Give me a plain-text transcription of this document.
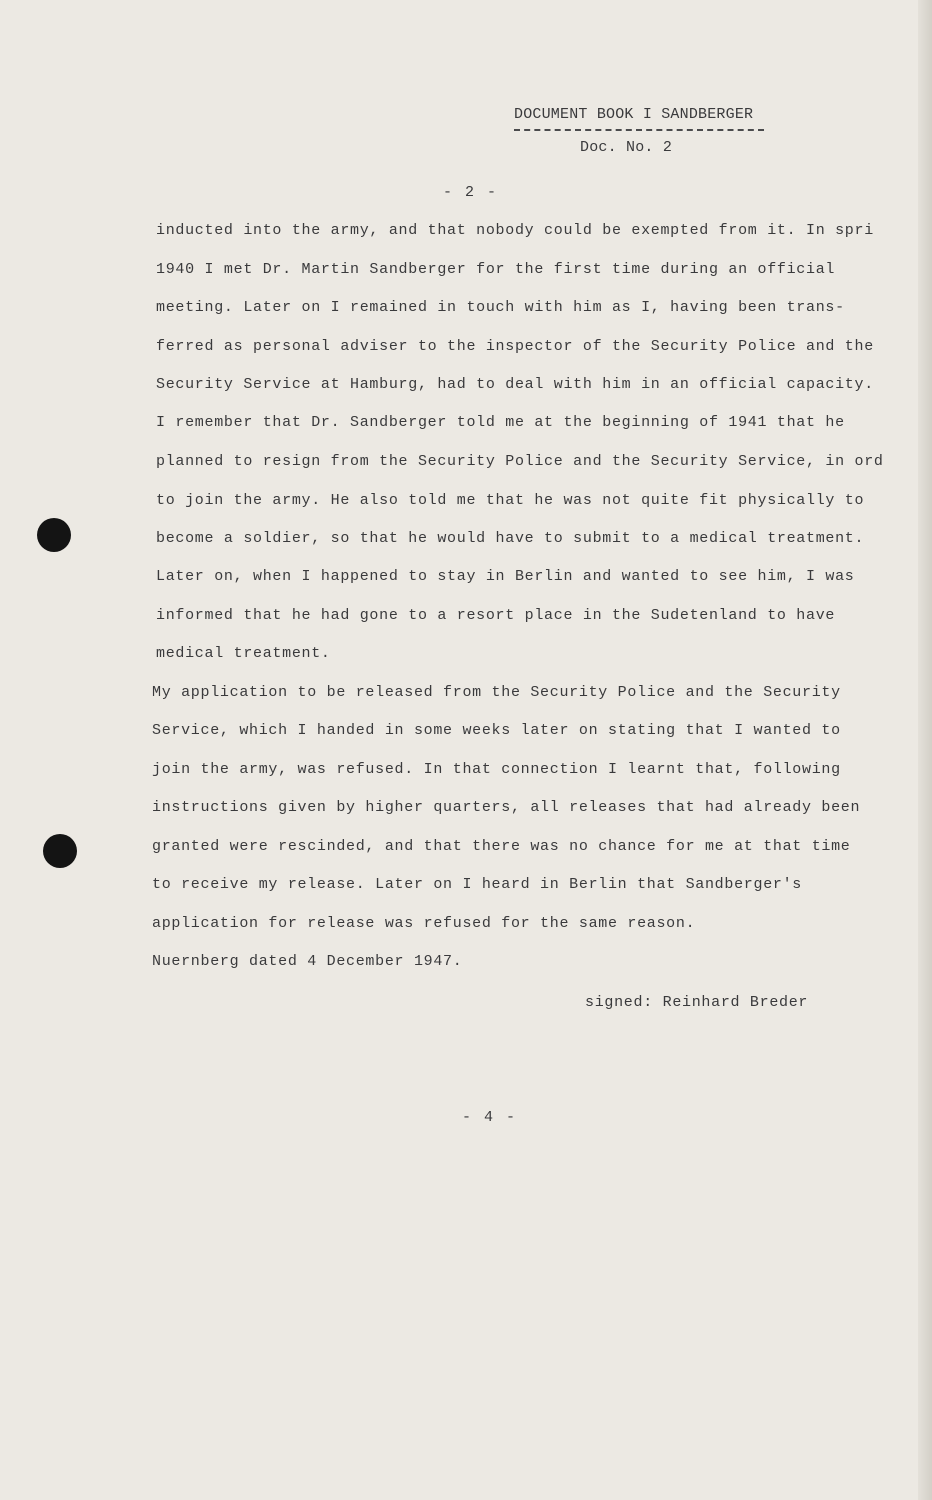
DOCUMENT BOOK I SANDBERGER
Doc. No. 2
- 2 -
inducted into the army, and that nobody could be exempted from it. In spri
1940 I met Dr. Martin Sandberger for the first time during an official
meeting. Later on I remained in touch with him as I, having been trans-
ferred as personal adviser to the inspector of the Security Police and the
Security Service at Hamburg, had to deal with him in an official capacity.
I remember that Dr. Sandberger told me at the beginning of 1941 that he
planned to resign from the Security Police and the Security Service, in ord
to join the army. He also told me that he was not quite fit physically to
become a soldier, so that he would have to submit to a medical treatment.
Later on, when I happened to stay in Berlin and wanted to see him, I was
informed that he had gone to a resort place in the Sudetenland to have
medical treatment.
My application to be released from the Security Police and the Security
Service, which I handed in some weeks later on stating that I wanted to
join the army, was refused. In that connection I learnt that, following
instructions given by higher quarters, all releases that had already been
granted were rescinded, and that there was no chance for me at that time
to receive my release. Later on I heard in Berlin that Sandberger's
application for release was refused for the same reason.
Nuernberg dated 4 December 1947.
signed: Reinhard Breder
- 4 -
